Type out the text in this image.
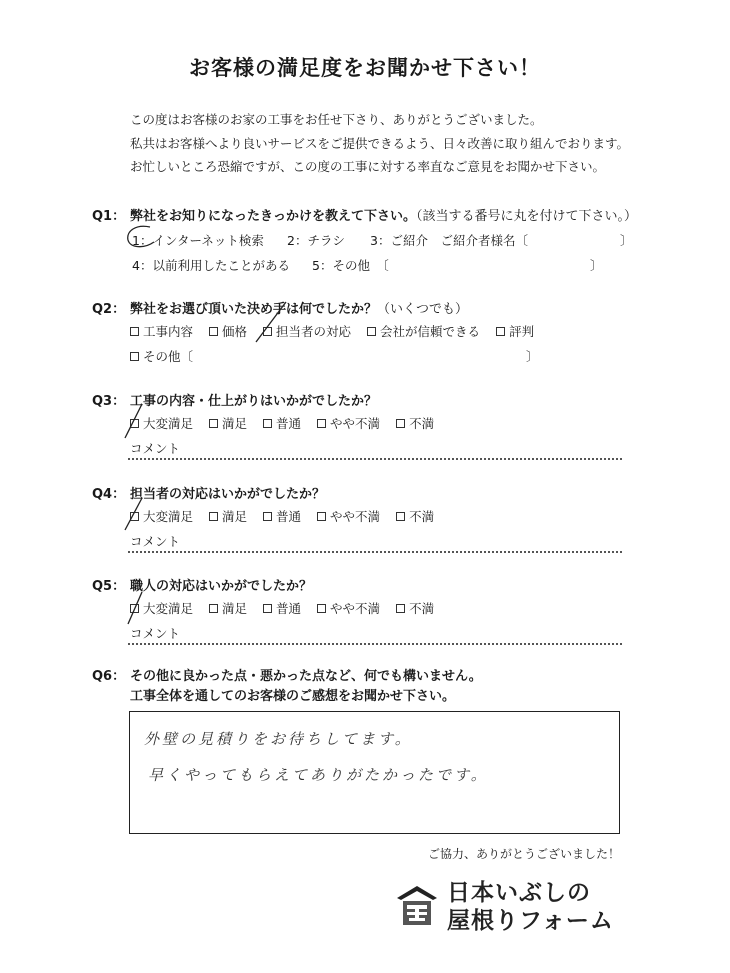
お客様の満足度をお聞かせ下さい！
この度はお客様のお家の工事をお任せ下さり、ありがとうございました。
私共はお客様へより良いサービスをご提供できるよう、日々改善に取り組んでおります。
お忙しいところ恐縮ですが、この度の工事に対する率直なご意見をお聞かせ下さい。
Q1： 弊社をお知りになったきっかけを教えて下さい。（該当する番号に丸を付けて下さい。）
1：インターネット検索 2：チラシ 3：ご紹介　ご紹介者様名〔	〕
4：以前利用したことがある 5：その他　〔	〕
Q2： 弊社をお選び頂いた決め手は何でしたか？（いくつでも）
工事内容 価格 担当者の対応 会社が信頼できる 評判
その他〔	〕
Q3： 工事の内容・仕上がりはいかがでしたか？
大変満足 満足 普通 やや不満 不満
コメント
Q4： 担当者の対応はいかがでしたか？
大変満足 満足 普通 やや不満 不満
コメント
Q5： 職人の対応はいかがでしたか？
大変満足 満足 普通 やや不満 不満
コメント
Q6： その他に良かった点・悪かった点など、何でも構いません。
工事全体を通してのお客様のご感想をお聞かせ下さい。
外壁の見積りをお待ちしてます。
早くやってもらえてありがたかったです。
ご協力、ありがとうございました！
日本いぶしの
屋根りフォーム
